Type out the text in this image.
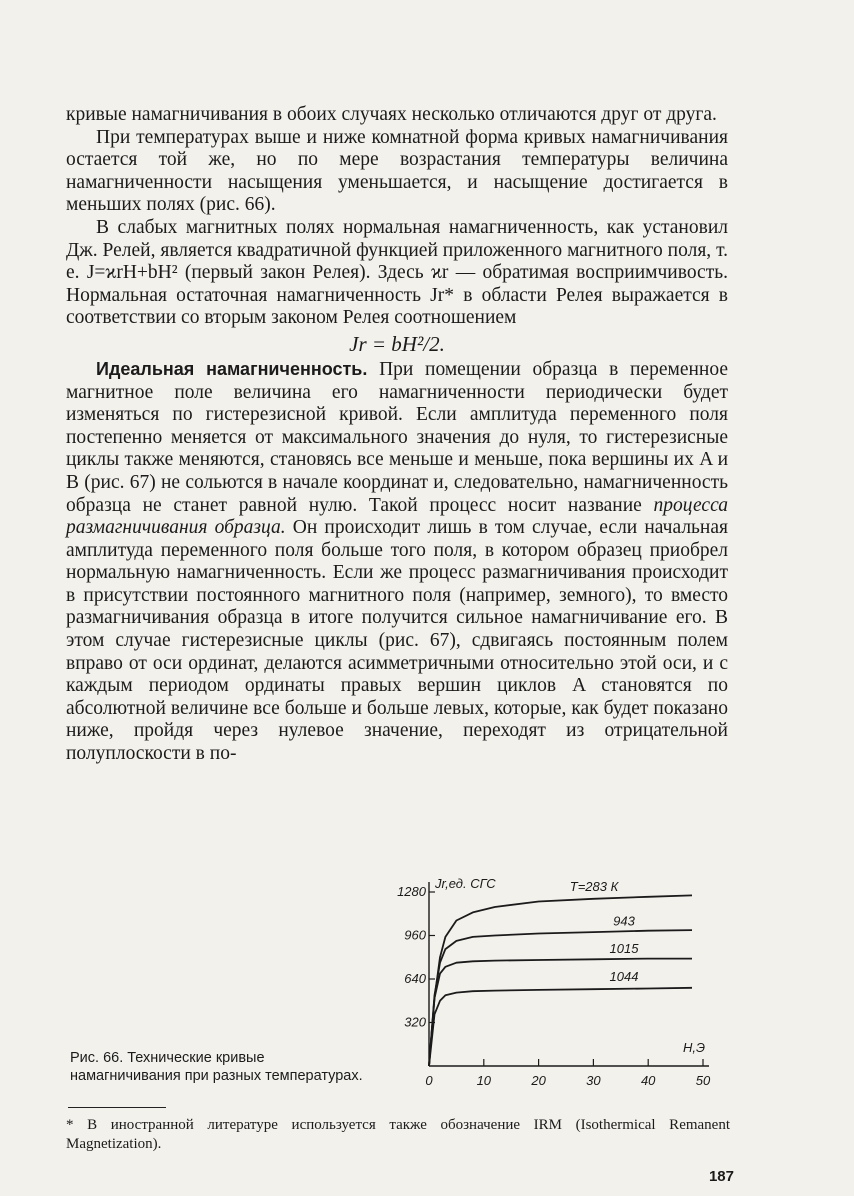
кривые намагничивания в обоих случаях несколько отличаются друг от друга.

При температурах выше и ниже комнатной форма кривых намагничивания остается той же, но по мере возрастания температуры величина намагниченности насыщения уменьшается, и насыщение достигается в меньших полях (рис. 66).

В слабых магнитных полях нормальная намагниченность, как установил Дж. Релей, является квадратичной функцией приложенного магнитного поля, т. е. J=ϰrH+bH² (первый закон Релея). Здесь ϰr — обратимая восприимчивость. Нормальная остаточная намагниченность Jr* в области Релея выражается в соответствии со вторым законом Релея соотношением

Jr = bH²/2.

Идеальная намагниченность. При помещении образца в переменное магнитное поле величина его намагниченности периодически будет изменяться по гистерезисной кривой. Если амплитуда переменного поля постепенно меняется от максимального значения до нуля, то гистерезисные циклы также меняются, становясь все меньше и меньше, пока вершины их A и B (рис. 67) не сольются в начале координат и, следовательно, намагниченность образца не станет равной нулю. Такой процесс носит название процесса размагничивания образца. Он происходит лишь в том случае, если начальная амплитуда переменного поля больше того поля, в котором образец приобрел нормальную намагниченность. Если же процесс размагничивания происходит в присутствии постоянного магнитного поля (например, земного), то вместо размагничивания образца в итоге получится сильное намагничивание его. В этом случае гистерезисные циклы (рис. 67), сдвигаясь постоянным полем вправо от оси ординат, делаются асимметричными относительно этой оси, и с каждым периодом ординаты правых вершин циклов A становятся по абсолютной величине все больше и больше левых, которые, как будет показано ниже, пройдя через нулевое значение, переходят из отрицательной полуплоскости в по-

320
640
960
1280
0	10	20	30	40	50
Jr,ед. СГС
H,Э
T=283 К
943
1015
1044

Рис. 66. Технические кривые намагничивания при разных температурах.

* В иностранной литературе используется также обозначение IRM (Isothermical Remanent Magnetization).

187
